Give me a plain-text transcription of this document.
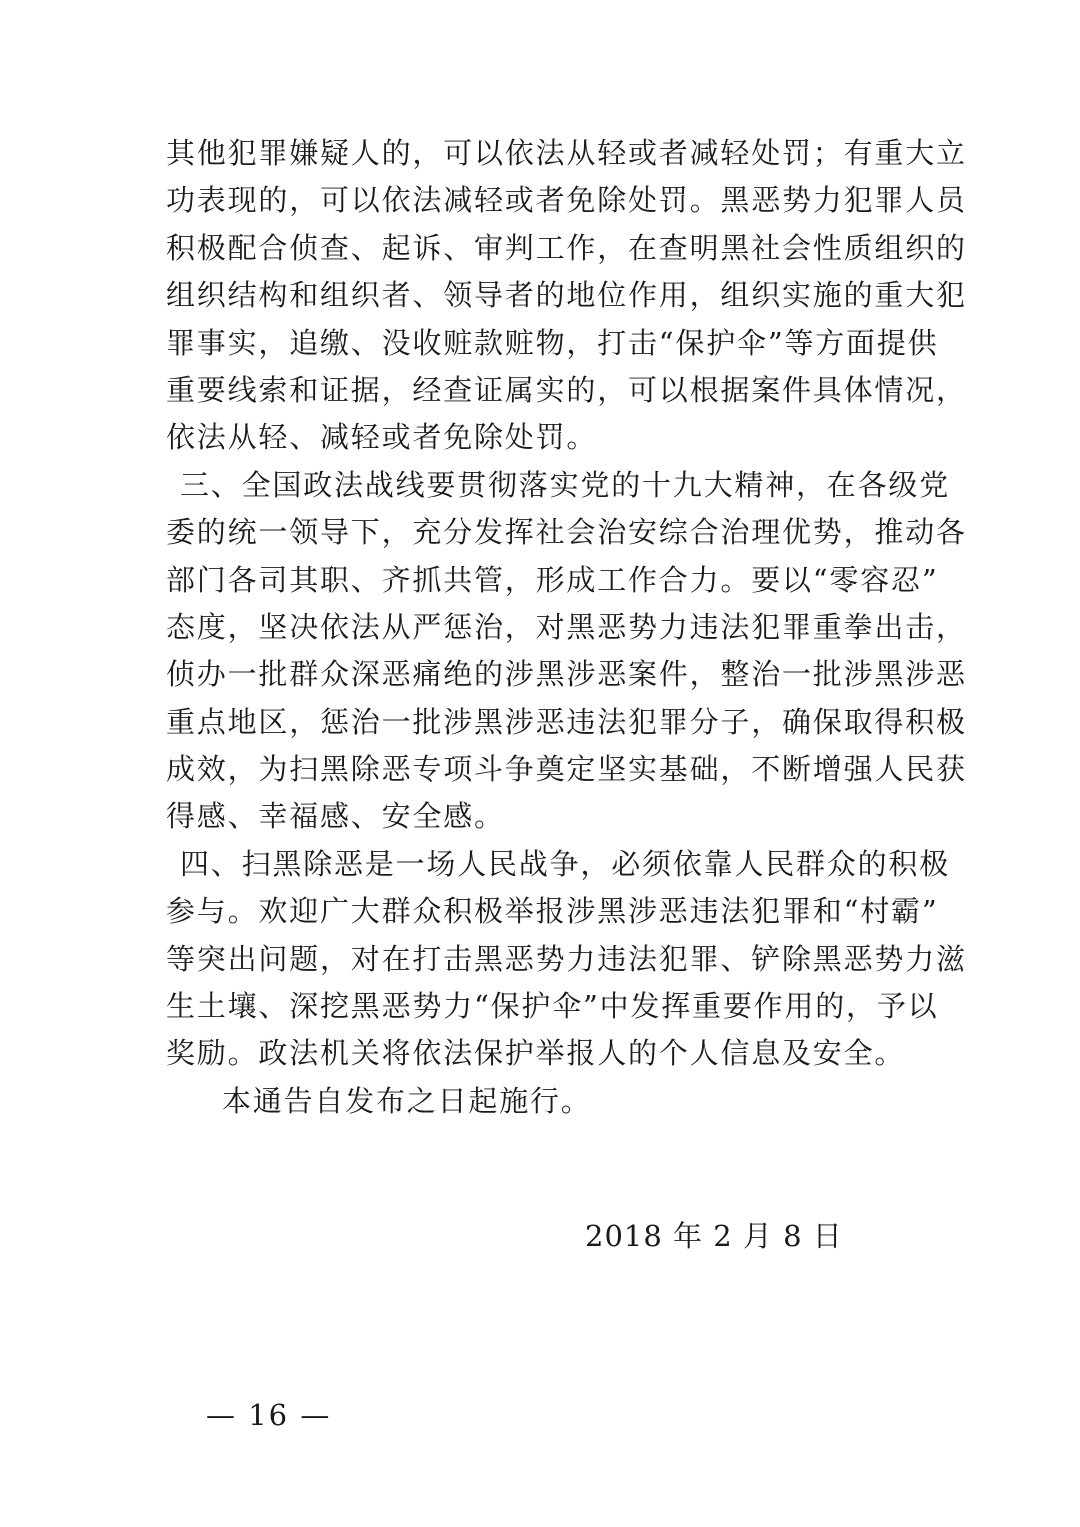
其他犯罪嫌疑人的，可以依法从轻或者减轻处罚；有重大立
功表现的，可以依法减轻或者免除处罚。黑恶势力犯罪人员
积极配合侦查、起诉、审判工作，在查明黑社会性质组织的
组织结构和组织者、领导者的地位作用，组织实施的重大犯
罪事实，追缴、没收赃款赃物，打击“保护伞”等方面提供
重要线索和证据，经查证属实的，可以根据案件具体情况，
依法从轻、减轻或者免除处罚。
三、全国政法战线要贯彻落实党的十九大精神，在各级党
委的统一领导下，充分发挥社会治安综合治理优势，推动各
部门各司其职、齐抓共管，形成工作合力。要以“零容忍”
态度，坚决依法从严惩治，对黑恶势力违法犯罪重拳出击，
侦办一批群众深恶痛绝的涉黑涉恶案件，整治一批涉黑涉恶
重点地区，惩治一批涉黑涉恶违法犯罪分子，确保取得积极
成效，为扫黑除恶专项斗争奠定坚实基础，不断增强人民获
得感、幸福感、安全感。
四、扫黑除恶是一场人民战争，必须依靠人民群众的积极
参与。欢迎广大群众积极举报涉黑涉恶违法犯罪和“村霸”
等突出问题，对在打击黑恶势力违法犯罪、铲除黑恶势力滋
生土壤、深挖黑恶势力“保护伞”中发挥重要作用的，予以
奖励。政法机关将依法保护举报人的个人信息及安全。
本通告自发布之日起施行。
2018 年 2 月 8 日
— 16 —
